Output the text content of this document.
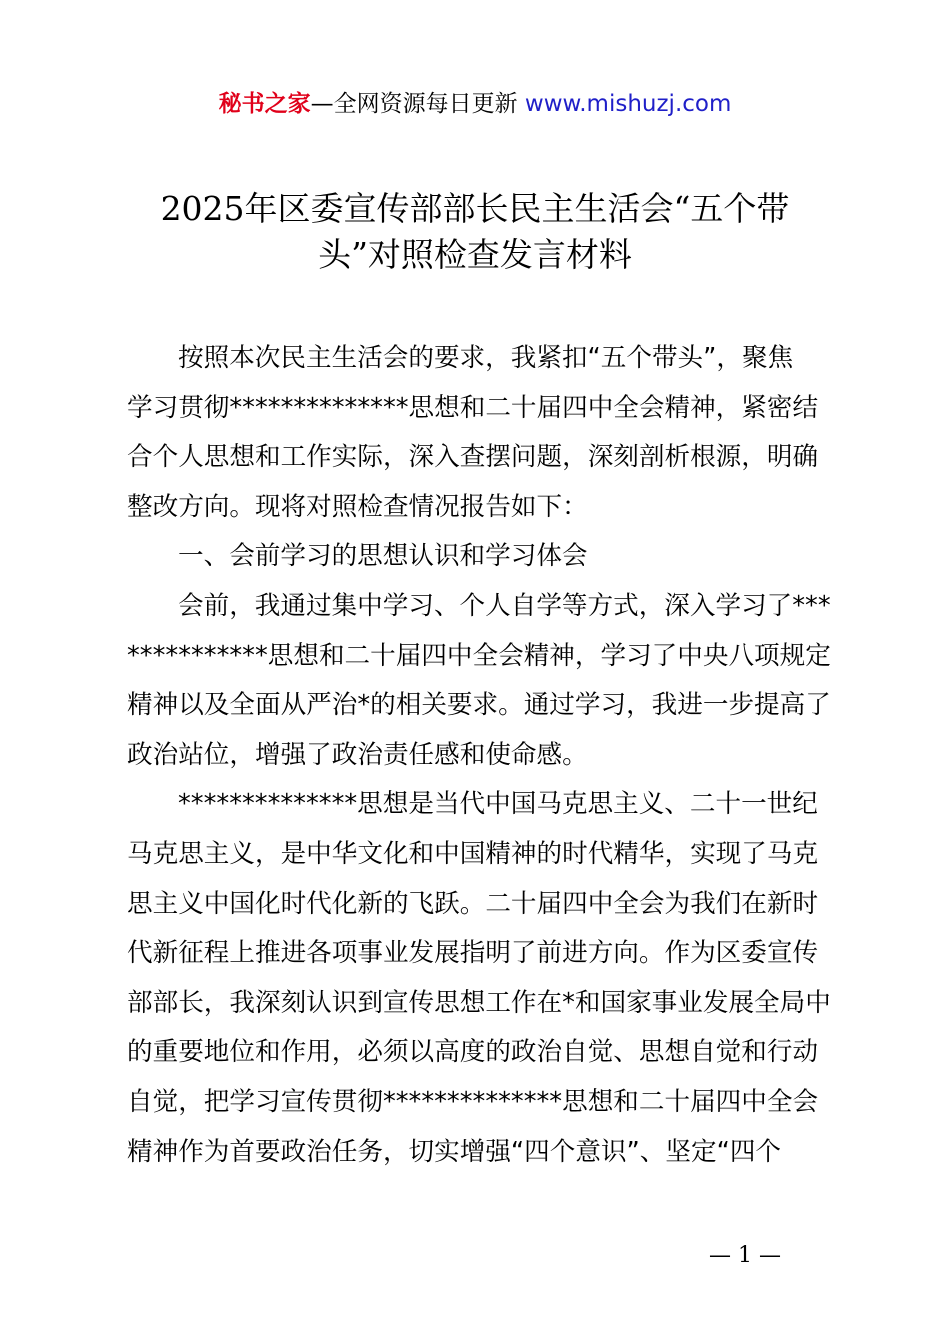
秘书之家—全网资源每日更新 www.mishuzj.com
2025年区委宣传部部长民主生活会“五个带
头”对照检查发言材料
按照本次民主生活会的要求，我紧扣“五个带头”，聚焦
学习贯彻**************思想和二十届四中全会精神，紧密结
合个人思想和工作实际，深入查摆问题，深刻剖析根源，明确
整改方向。现将对照检查情况报告如下：
一、会前学习的思想认识和学习体会
会前，我通过集中学习、个人自学等方式，深入学习了***
***********思想和二十届四中全会精神，学习了中央八项规定
精神以及全面从严治*的相关要求。通过学习，我进一步提高了
政治站位，增强了政治责任感和使命感。
**************思想是当代中国马克思主义、二十一世纪
马克思主义，是中华文化和中国精神的时代精华，实现了马克
思主义中国化时代化新的飞跃。二十届四中全会为我们在新时
代新征程上推进各项事业发展指明了前进方向。作为区委宣传
部部长，我深刻认识到宣传思想工作在*和国家事业发展全局中
的重要地位和作用，必须以高度的政治自觉、思想自觉和行动
自觉，把学习宣传贯彻**************思想和二十届四中全会
精神作为首要政治任务，切实增强“四个意识”、坚定“四个
— 1 —
